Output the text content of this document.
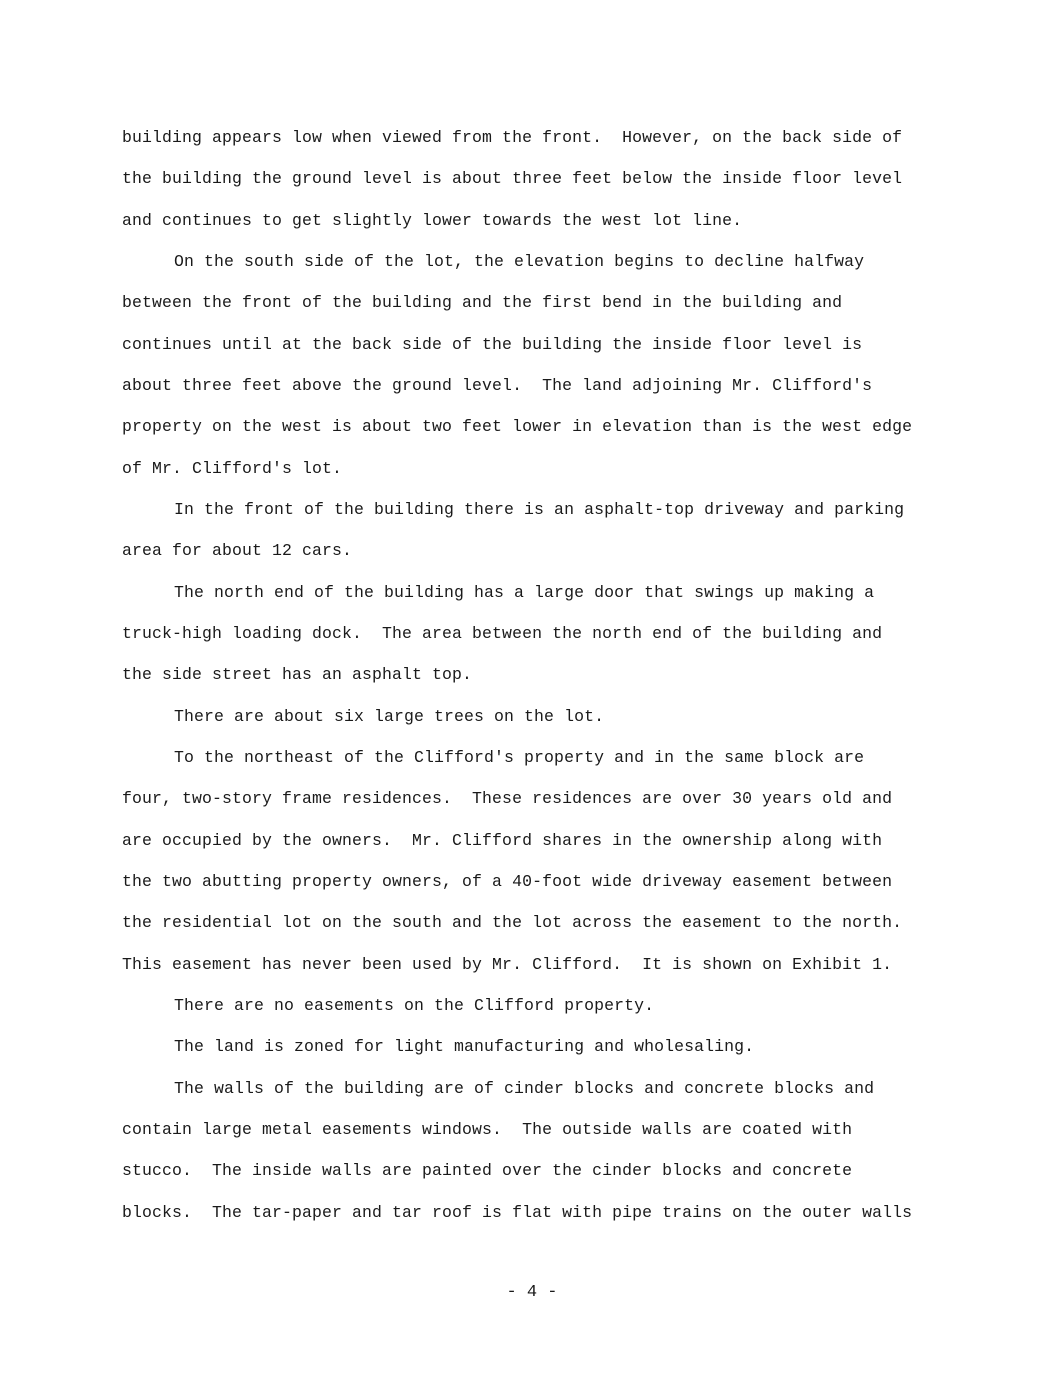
building appears low when viewed from the front.  However, on the back side of
the building the ground level is about three feet below the inside floor level
and continues to get slightly lower towards the west lot line.
On the south side of the lot, the elevation begins to decline halfway
between the front of the building and the first bend in the building and
continues until at the back side of the building the inside floor level is
about three feet above the ground level.  The land adjoining Mr. Clifford's
property on the west is about two feet lower in elevation than is the west edge
of Mr. Clifford's lot.
In the front of the building there is an asphalt-top driveway and parking
area for about 12 cars.
The north end of the building has a large door that swings up making a
truck-high loading dock.  The area between the north end of the building and
the side street has an asphalt top.
There are about six large trees on the lot.
To the northeast of the Clifford's property and in the same block are
four, two-story frame residences.  These residences are over 30 years old and
are occupied by the owners.  Mr. Clifford shares in the ownership along with
the two abutting property owners, of a 40-foot wide driveway easement between
the residential lot on the south and the lot across the easement to the north.
This easement has never been used by Mr. Clifford.  It is shown on Exhibit 1.
There are no easements on the Clifford property.
The land is zoned for light manufacturing and wholesaling.
The walls of the building are of cinder blocks and concrete blocks and
contain large metal easements windows.  The outside walls are coated with
stucco.  The inside walls are painted over the cinder blocks and concrete
blocks.  The tar-paper and tar roof is flat with pipe trains on the outer walls
- 4 -
